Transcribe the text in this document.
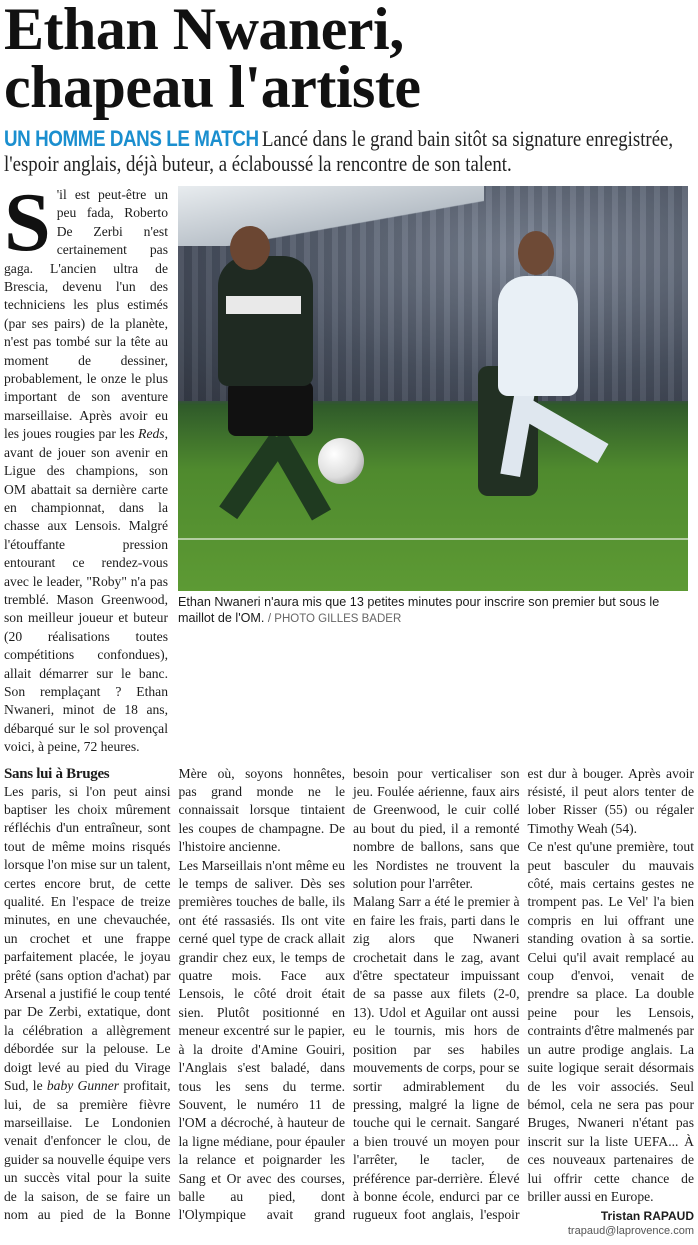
Ethan Nwaneri,
chapeau l'artiste
UN HOMME DANS LE MATCH Lancé dans le grand bain sitôt sa signature enregistrée, l'espoir anglais, déjà buteur, a éclaboussé la rencontre de son talent.
S 'il est peut-être un peu fada, Roberto De Zerbi n'est certainement pas gaga. L'ancien ultra de Brescia, devenu l'un des techniciens les plus estimés (par ses pairs) de la planète, n'est pas tombé sur la tête au moment de dessiner, probablement, le onze le plus important de son aventure marseillaise. Après avoir eu les joues rougies par les Reds, avant de jouer son avenir en Ligue des champions, son OM abattait sa dernière carte en championnat, dans la chasse aux Lensois. Malgré l'étouffante pression entourant ce rendez-vous avec le leader, "Roby" n'a pas tremblé. Mason Greenwood, son meilleur joueur et buteur (20 réalisations toutes compétitions confondues), allait démarrer sur le banc. Son remplaçant ? Ethan Nwaneri, minot de 18 ans, débarqué sur le sol provençal voici, à peine, 72 heures.
Ethan Nwaneri n'aura mis que 13 petites minutes pour inscrire son premier but sous le maillot de l'OM. / PHOTO GILLES BADER
Sans lui à Bruges

Les paris, si l'on peut ainsi baptiser les choix mûrement réfléchis d'un entraîneur, sont tout de même moins risqués lorsque l'on mise sur un talent, certes encore brut, de cette qualité. En l'espace de treize minutes, en une chevauchée, un crochet et une frappe parfaitement placée, le joyau prêté (sans option d'achat) par Arsenal a justifié le coup tenté par De Zerbi, extatique, dont la célébration a allègrement débordée sur la pelouse. Le doigt levé au pied du Virage Sud, le baby Gunner profitait, lui, de sa première fièvre marseillaise. Le Londonien venait d'enfoncer le clou, de guider sa nouvelle équipe vers un succès vital pour la suite de la saison, de se faire un nom au pied de la Bonne Mère où, soyons honnêtes, pas grand monde ne le connaissait lorsque tintaient les coupes de champagne. De l'histoire ancienne.

Les Marseillais n'ont même eu le temps de saliver. Dès ses premières touches de balle, ils ont été rassasiés. Ils ont vite cerné quel type de crack allait grandir chez eux, le temps de quatre mois. Face aux Lensois, le côté droit était sien. Plutôt positionné en meneur excentré sur le papier, à la droite d'Amine Gouiri, l'Anglais s'est baladé, dans tous les sens du terme. Souvent, le numéro 11 de l'OM a décroché, à hauteur de la ligne médiane, pour épauler la relance et poignarder les Sang et Or avec des courses, balle au pied, dont l'Olympique avait grand besoin pour verticaliser son jeu. Foulée aérienne, faux airs de Greenwood, le cuir collé au bout du pied, il a remonté nombre de ballons, sans que les Nordistes ne trouvent la solution pour l'arrêter.

Malang Sarr a été le premier à en faire les frais, parti dans le zig alors que Nwaneri crochetait dans le zag, avant d'être spectateur impuissant de sa passe aux filets (2-0, 13). Udol et Aguilar ont aussi eu le tournis, mis hors de position par ses habiles mouvements de corps, pour se sortir admirablement du pressing, malgré la ligne de touche qui le cernait. Sangaré a bien trouvé un moyen pour l'arrêter, le tacler, de préférence par-derrière. Élevé à bonne école, endurci par ce rugueux foot anglais, l'espoir est dur à bouger. Après avoir résisté, il peut alors tenter de lober Risser (55) ou régaler Timothy Weah (54).

Ce n'est qu'une première, tout peut basculer du mauvais côté, mais certains gestes ne trompent pas. Le Vel' l'a bien compris en lui offrant une standing ovation à sa sortie. Celui qu'il avait remplacé au coup d'envoi, venait de prendre sa place. La double peine pour les Lensois, contraints d'être malmenés par un autre prodige anglais. La suite logique serait désormais de les voir associés. Seul bémol, cela ne sera pas pour Bruges, Nwaneri n'étant pas inscrit sur la liste UEFA... À ces nouveaux partenaires de lui offrir cette chance de briller aussi en Europe.

Tristan RAPAUD
trapaud@laprovence.com
